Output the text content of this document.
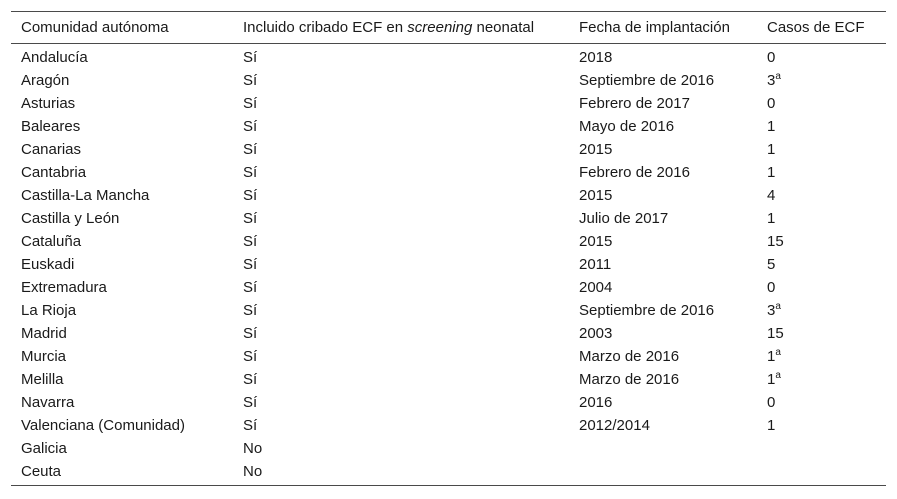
Comunidad autónoma	Incluido cribado ECF en screening neonatal	Fecha de implantación	Casos de ECF
Andalucía	Sí	2018	0
Aragón	Sí	Septiembre de 2016	3$^a$
Asturias	Sí	Febrero de 2017	0
Baleares	Sí	Mayo de 2016	1
Canarias	Sí	2015	1
Cantabria	Sí	Febrero de 2016	1
Castilla-La Mancha	Sí	2015	4
Castilla y León	Sí	Julio de 2017	1
Cataluña	Sí	2015	15
Euskadi	Sí	2011	5
Extremadura	Sí	2004	0
La Rioja	Sí	Septiembre de 2016	3$^a$
Madrid	Sí	2003	15
Murcia	Sí	Marzo de 2016	1$^a$
Melilla	Sí	Marzo de 2016	1$^a$
Navarra	Sí	2016	0
Valenciana (Comunidad)	Sí	2012/2014	1
Galicia	No		
Ceuta	No		
